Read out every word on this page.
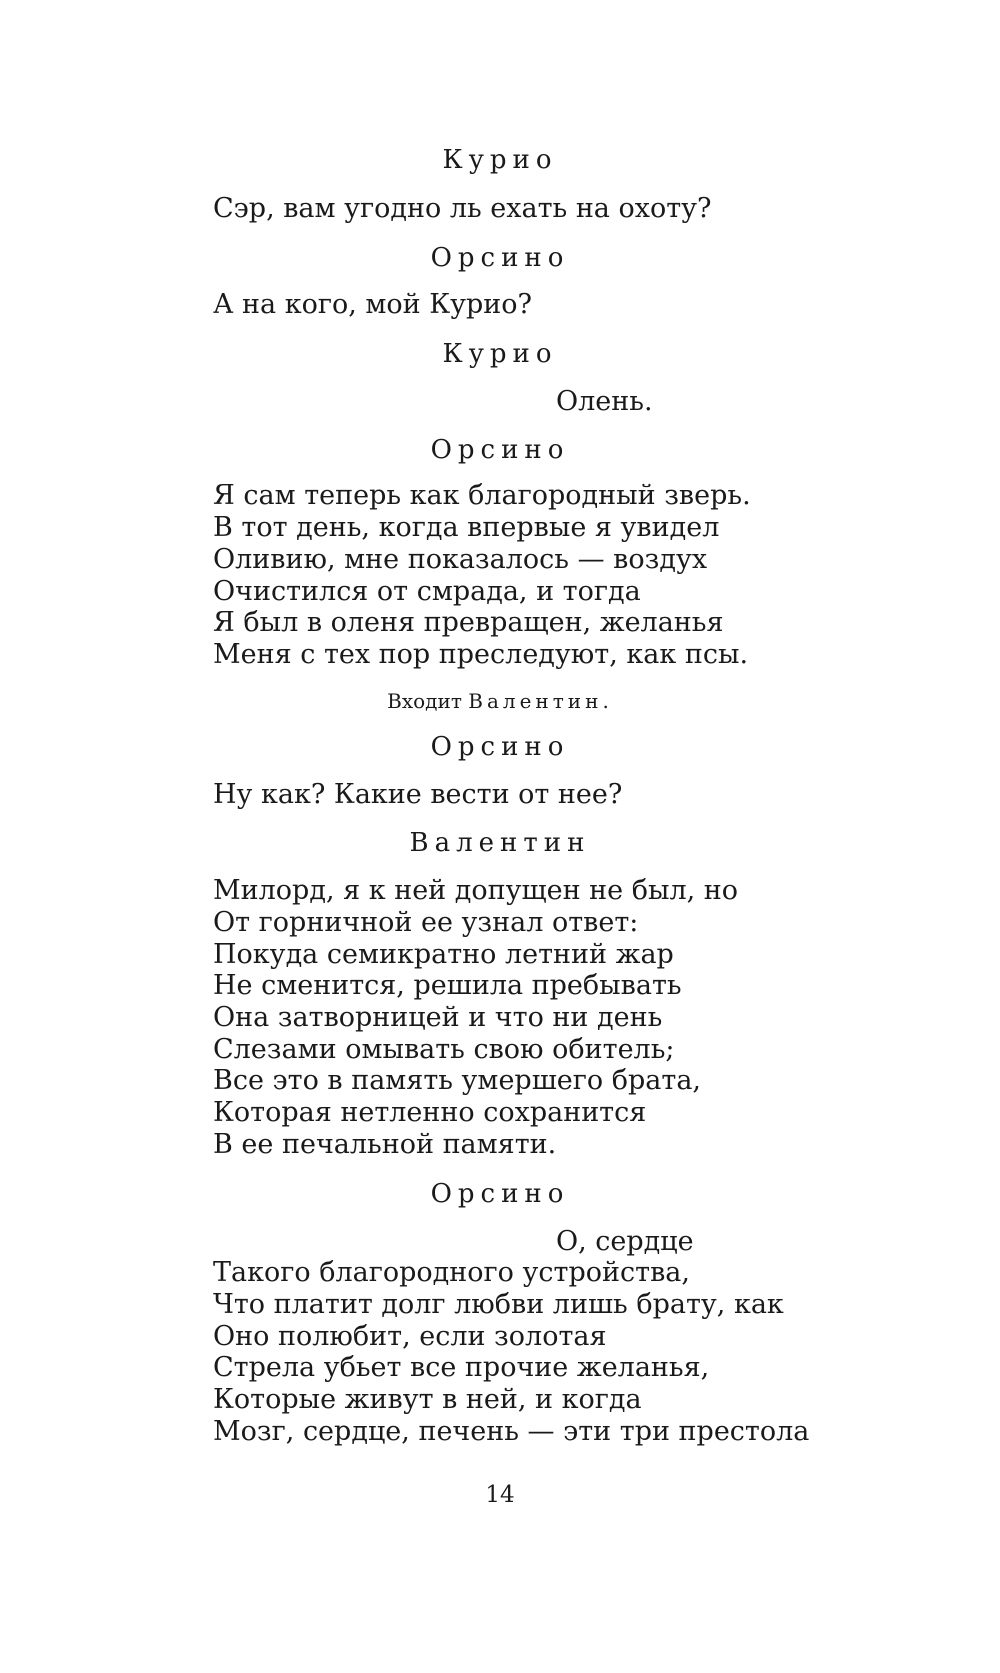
Курио
Сэр, вам угодно ль ехать на охоту?
Орсино
А на кого, мой Курио?
Курио
Олень.
Орсино
Я сам теперь как благородный зверь.
В тот день, когда впервые я увидел
Оливию, мне показалось — воздух
Очистился от смрада, и тогда
Я был в оленя превращен, желанья
Меня с тех пор преследуют, как псы.
Входит Валентин.
Орсино
Ну как? Какие вести от нее?
Валентин
Милорд, я к ней допущен не был, но
От горничной ее узнал ответ:
Покуда семикратно летний жар
Не сменится, решила пребывать
Она затворницей и что ни день
Слезами омывать свою обитель;
Все это в память умершего брата,
Которая нетленно сохранится
В ее печальной памяти.
Орсино
О, сердце
Такого благородного устройства,
Что платит долг любви лишь брату, как
Оно полюбит, если золотая
Стрела убьет все прочие желанья,
Которые живут в ней, и когда
Мозг, сердце, печень — эти три престола
14
